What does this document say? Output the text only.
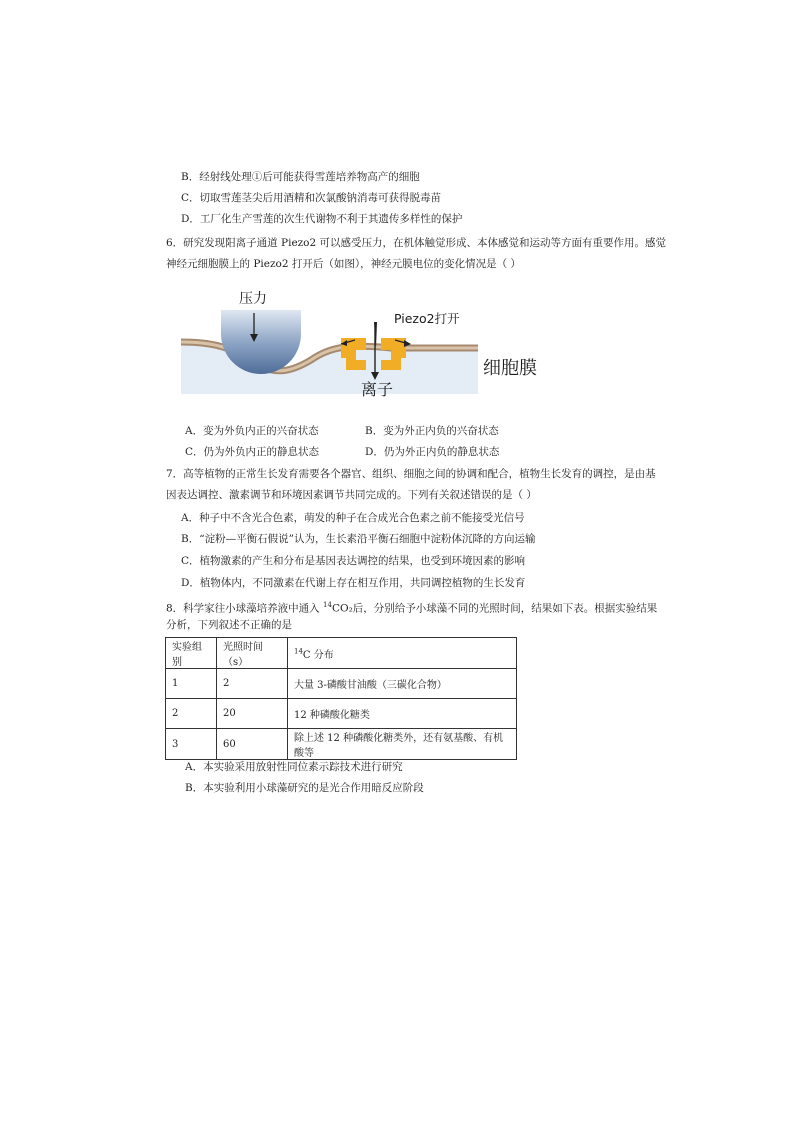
B．经射线处理①后可能获得雪莲培养物高产的细胞
C．切取雪莲茎尖后用酒精和次氯酸钠消毒可获得脱毒苗
D．工厂化生产雪莲的次生代谢物不利于其遗传多样性的保护
6．研究发现阳离子通道 Piezo2 可以感受压力，在机体触觉形成、本体感觉和运动等方面有重要作用。感觉
神经元细胞膜上的 Piezo2 打开后（如图），神经元膜电位的变化情况是（ ）
压力
Piezo2打开
细胞膜
离子
A．变为外负内正的兴奋状态	B．变为外正内负的兴奋状态
C．仍为外负内正的静息状态	D．仍为外正内负的静息状态
7．高等植物的正常生长发育需要各个器官、组织、细胞之间的协调和配合，植物生长发育的调控，是由基
因表达调控、激素调节和环境因素调节共同完成的。下列有关叙述错误的是（ ）
A．种子中不含光合色素，萌发的种子在合成光合色素之前不能接受光信号
B．“淀粉—平衡石假说”认为，生长素沿平衡石细胞中淀粉体沉降的方向运输
C．植物激素的产生和分布是基因表达调控的结果，也受到环境因素的影响
D．植物体内，不同激素在代谢上存在相互作用，共同调控植物的生长发育
8．科学家往小球藻培养液中通入 $^{14}$CO₂后，分别给予小球藻不同的光照时间，结果如下表。根据实验结果
分析，下列叙述不正确的是
实验组别	光照时间（s）	$^{14}$C 分布
1	2	大量 3-磷酸甘油酸（三碳化合物）
2	20	12 种磷酸化糖类
3	60	除上述 12 种磷酸化糖类外，还有氨基酸、有机酸等
A．本实验采用放射性同位素示踪技术进行研究
B．本实验利用小球藻研究的是光合作用暗反应阶段
